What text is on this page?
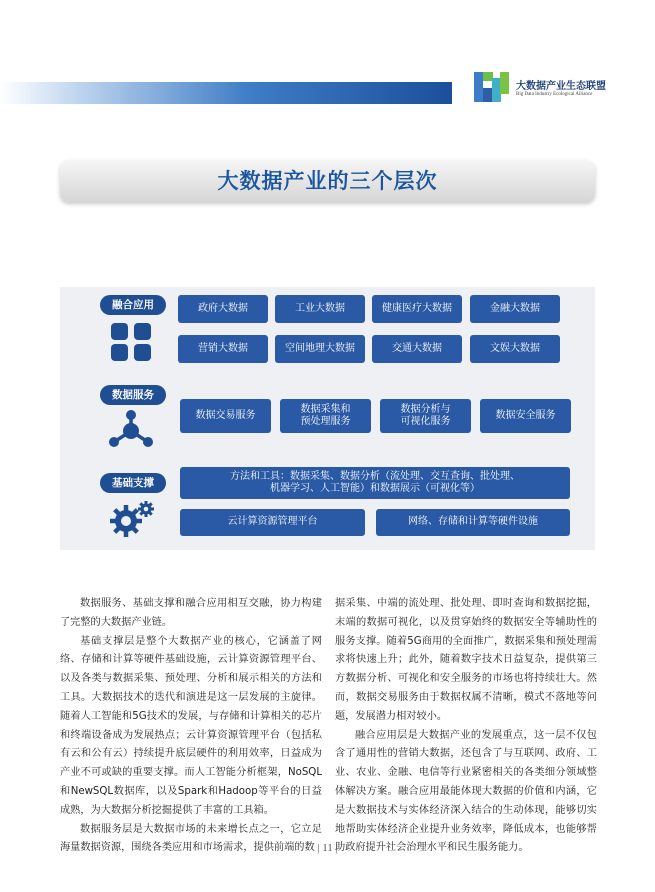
大数据产业生态联盟
Big Data Industry Ecological Alliance
大数据产业的三个层次
融合应用	政府大数据	工业大数据	健康医疗大数据	金融大数据
营销大数据	空间地理大数据	交通大数据	文娱大数据
数据服务
数据交易服务
数据采集和
预处理服务
数据分析与
可视化服务
数据安全服务
基础支撑
方法和工具：数据采集、数据分析（流处理、交互查询、批处理、
机器学习、人工智能）和数据展示（可视化等）
云计算资源管理平台	网络、存储和计算等硬件设施

数据服务、基础支撑和融合应用相互交融，协力构建了完整的大数据产业链。

基础支撑层是整个大数据产业的核心，它涵盖了网络、存储和计算等硬件基础设施，云计算资源管理平台、以及各类与数据采集、预处理、分析和展示相关的方法和工具。大数据技术的迭代和演进是这一层发展的主旋律。随着人工智能和5G技术的发展，与存储和计算相关的芯片和终端设备成为发展热点；云计算资源管理平台（包括私有云和公有云）持续提升底层硬件的利用效率，日益成为产业不可或缺的重要支撑。而人工智能分析框架，NoSQL和NewSQL数据库，以及Spark和Hadoop等平台的日益成熟，为大数据分析挖掘提供了丰富的工具箱。

数据服务层是大数据市场的未来增长点之一，它立足海量数据资源，围绕各类应用和市场需求，提供前端的数

据采集、中端的流处理、批处理、即时查询和数据挖掘，末端的数据可视化，以及贯穿始终的数据安全等辅助性的服务支撑。随着5G商用的全面推广，数据采集和预处理需求将快速上升；此外，随着数字技术日益复杂，提供第三方数据分析、可视化和安全服务的市场也将持续壮大。然而，数据交易服务由于数据权属不清晰，模式不落地等问题，发展潜力相对较小。

融合应用层是大数据产业的发展重点，这一层不仅包含了通用性的营销大数据，还包含了与互联网、政府、工业、农业、金融、电信等行业紧密相关的各类细分领域整体解决方案。融合应用最能体现大数据的价值和内涵，它是大数据技术与实体经济深入结合的生动体现，能够切实地帮助实体经济企业提升业务效率，降低成本，也能够帮助政府提升社会治理水平和民生服务能力。

| 11 |
